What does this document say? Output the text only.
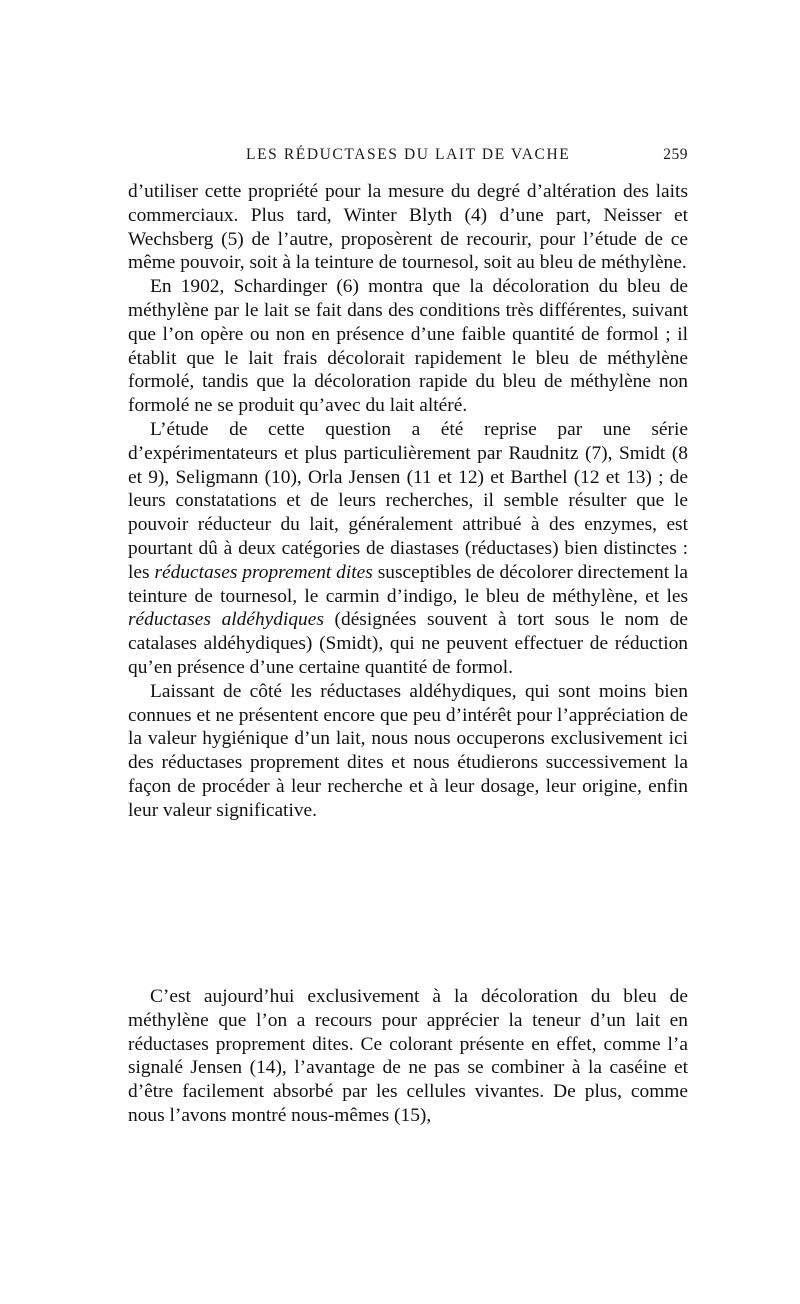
LES RÉDUCTASES DU LAIT DE VACHE	259

d’utiliser cette propriété pour la mesure du degré d’altération des laits commerciaux. Plus tard, Winter Blyth (4) d’une part, Neisser et Wechsberg (5) de l’autre, proposèrent de recourir, pour l’étude de ce même pouvoir, soit à la teinture de tournesol, soit au bleu de méthylène.

En 1902, Schardinger (6) montra que la décoloration du bleu de méthylène par le lait se fait dans des conditions très différentes, suivant que l’on opère ou non en présence d’une faible quantité de formol ; il établit que le lait frais décolorait rapidement le bleu de méthylène formolé, tandis que la décoloration rapide du bleu de méthylène non formolé ne se produit qu’avec du lait altéré.

L’étude de cette question a été reprise par une série d’expérimentateurs et plus particulièrement par Raudnitz (7), Smidt (8 et 9), Seligmann (10), Orla Jensen (11 et 12) et Barthel (12 et 13) ; de leurs constatations et de leurs recherches, il semble résulter que le pouvoir réducteur du lait, généralement attribué à des enzymes, est pourtant dû à deux catégories de diastases (réductases) bien distinctes : les réductases proprement dites susceptibles de décolorer directement la teinture de tournesol, le carmin d’indigo, le bleu de méthylène, et les réductases aldéhydiques (désignées souvent à tort sous le nom de catalases aldéhydiques) (Smidt), qui ne peuvent effectuer de réduction qu’en présence d’une certaine quantité de formol.

Laissant de côté les réductases aldéhydiques, qui sont moins bien connues et ne présentent encore que peu d’intérêt pour l’appréciation de la valeur hygiénique d’un lait, nous nous occuperons exclusivement ici des réductases proprement dites et nous étudierons successivement la façon de procéder à leur recherche et à leur dosage, leur origine, enfin leur valeur significative.

C’est aujourd’hui exclusivement à la décoloration du bleu de méthylène que l’on a recours pour apprécier la teneur d’un lait en réductases proprement dites. Ce colorant présente en effet, comme l’a signalé Jensen (14), l’avantage de ne pas se combiner à la caséine et d’être facilement absorbé par les cellules vivantes. De plus, comme nous l’avons montré nous-mêmes (15),
